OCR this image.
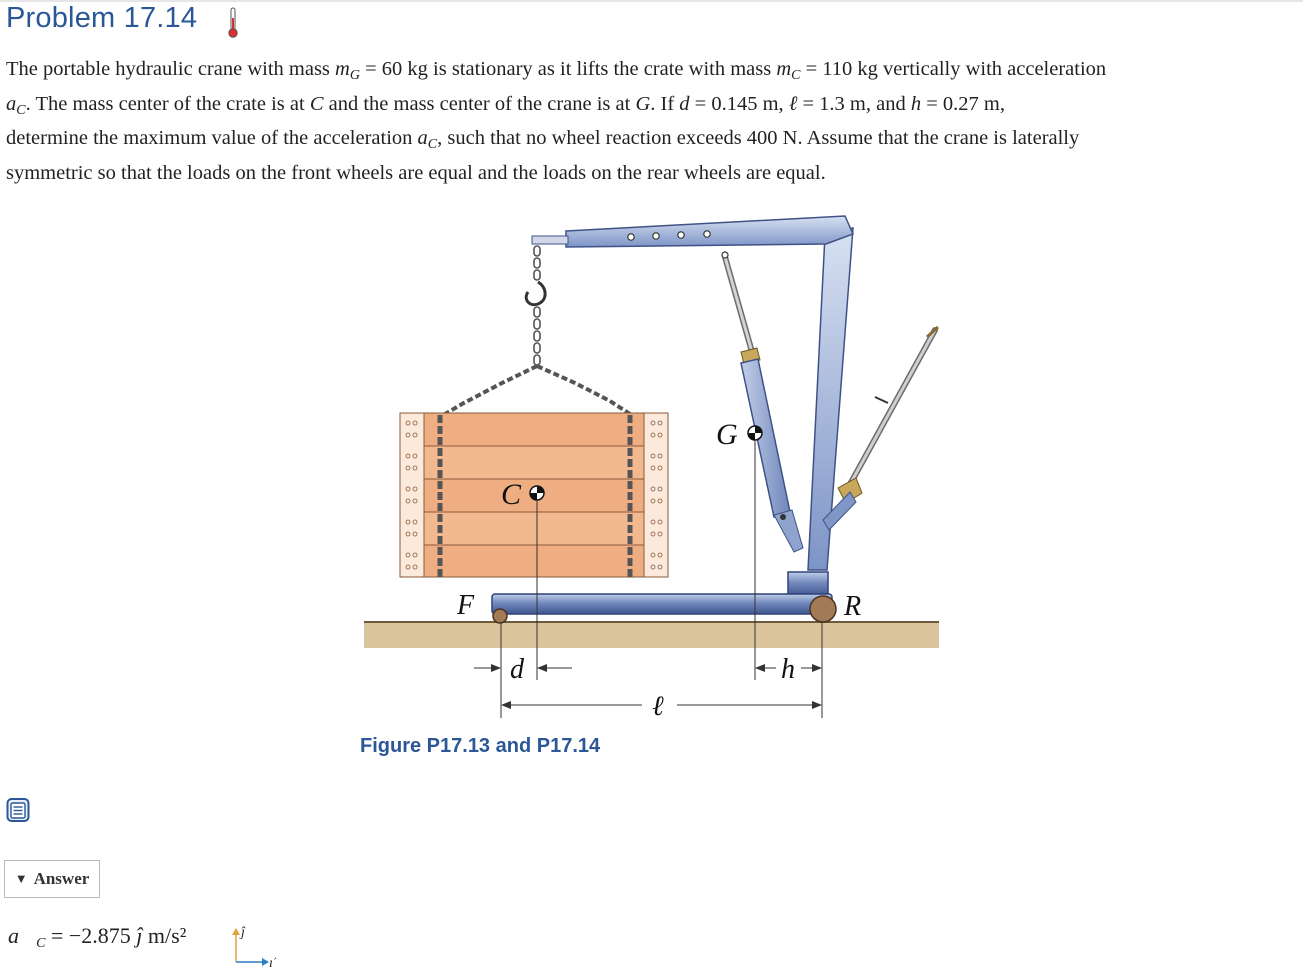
Problem 17.14
The portable hydraulic crane with mass $m_G = 60$ kg is stationary as it lifts the crate with mass $m_C = 110$ kg vertically with acceleration
$a_C$. The mass center of the crate is at C and the mass center of the crane is at G. If d = 0.145 m, ℓ = 1.3 m, and h = 0.27 m,
determine the maximum value of the acceleration $a_C$, such that no wheel reaction exceeds 400 N. Assume that the crane is laterally
symmetric so that the loads on the front wheels are equal and the loads on the rear wheels are equal.
G
C
F	R
d	h
ℓ
Figure P17.13 and P17.14
▼ Answer
$a⃗_C = -2.875$ ĵ m/s²	ĵ
ı̂
